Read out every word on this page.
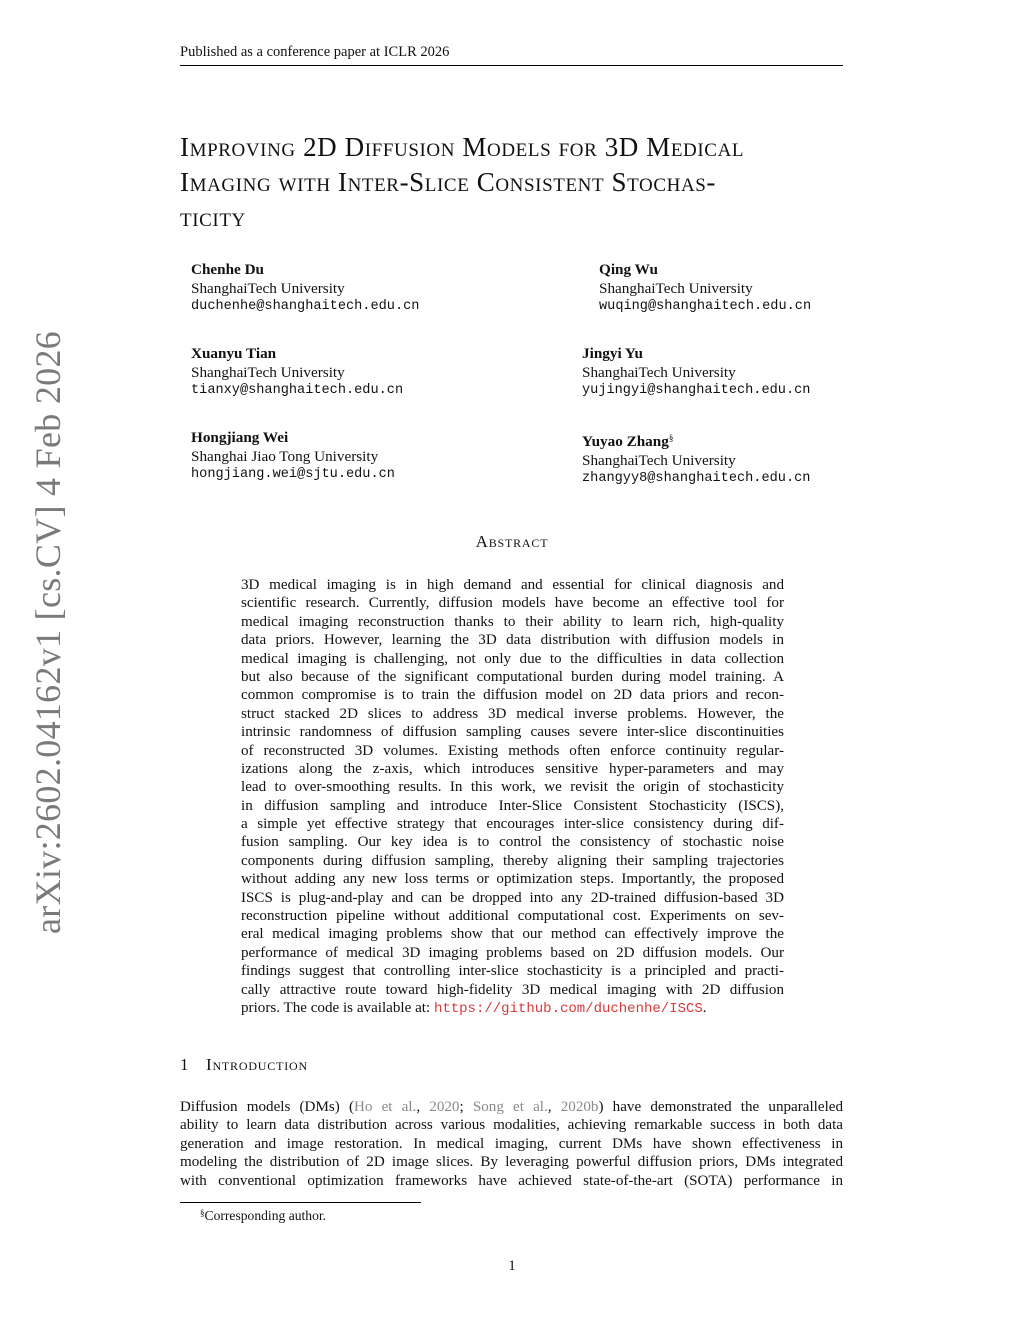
Published as a conference paper at ICLR 2026
arXiv:2602.04162v1 [cs.CV] 4 Feb 2026
Improving 2D Diffusion Models for 3D Medical
Imaging with Inter-Slice Consistent Stochas-
ticity
Chenhe Du
ShanghaiTech University
duchenhe@shanghaitech.edu.cn
Qing Wu
ShanghaiTech University
wuqing@shanghaitech.edu.cn
Xuanyu Tian
ShanghaiTech University
tianxy@shanghaitech.edu.cn
Jingyi Yu
ShanghaiTech University
yujingyi@shanghaitech.edu.cn
Hongjiang Wei
Shanghai Jiao Tong University
hongjiang.wei@sjtu.edu.cn
Yuyao Zhang§
ShanghaiTech University
zhangyy8@shanghaitech.edu.cn
Abstract
3D medical imaging is in high demand and essential for clinical diagnosis and
scientific research. Currently, diffusion models have become an effective tool for
medical imaging reconstruction thanks to their ability to learn rich, high-quality
data priors. However, learning the 3D data distribution with diffusion models in
medical imaging is challenging, not only due to the difficulties in data collection
but also because of the significant computational burden during model training. A
common compromise is to train the diffusion model on 2D data priors and recon-
struct stacked 2D slices to address 3D medical inverse problems. However, the
intrinsic randomness of diffusion sampling causes severe inter-slice discontinuities
of reconstructed 3D volumes. Existing methods often enforce continuity regular-
izations along the z-axis, which introduces sensitive hyper-parameters and may
lead to over-smoothing results. In this work, we revisit the origin of stochasticity
in diffusion sampling and introduce Inter-Slice Consistent Stochasticity (ISCS),
a simple yet effective strategy that encourages inter-slice consistency during dif-
fusion sampling. Our key idea is to control the consistency of stochastic noise
components during diffusion sampling, thereby aligning their sampling trajectories
without adding any new loss terms or optimization steps. Importantly, the proposed
ISCS is plug-and-play and can be dropped into any 2D-trained diffusion-based 3D
reconstruction pipeline without additional computational cost. Experiments on sev-
eral medical imaging problems show that our method can effectively improve the
performance of medical 3D imaging problems based on 2D diffusion models. Our
findings suggest that controlling inter-slice stochasticity is a principled and practi-
cally attractive route toward high-fidelity 3D medical imaging with 2D diffusion
priors. The code is available at: https://github.com/duchenhe/ISCS.
1 Introduction
Diffusion models (DMs) (Ho et al., 2020; Song et al., 2020b) have demonstrated the unparalleled
ability to learn data distribution across various modalities, achieving remarkable success in both data
generation and image restoration. In medical imaging, current DMs have shown effectiveness in
modeling the distribution of 2D image slices. By leveraging powerful diffusion priors, DMs integrated
with conventional optimization frameworks have achieved state-of-the-art (SOTA) performance in
§Corresponding author.
1
